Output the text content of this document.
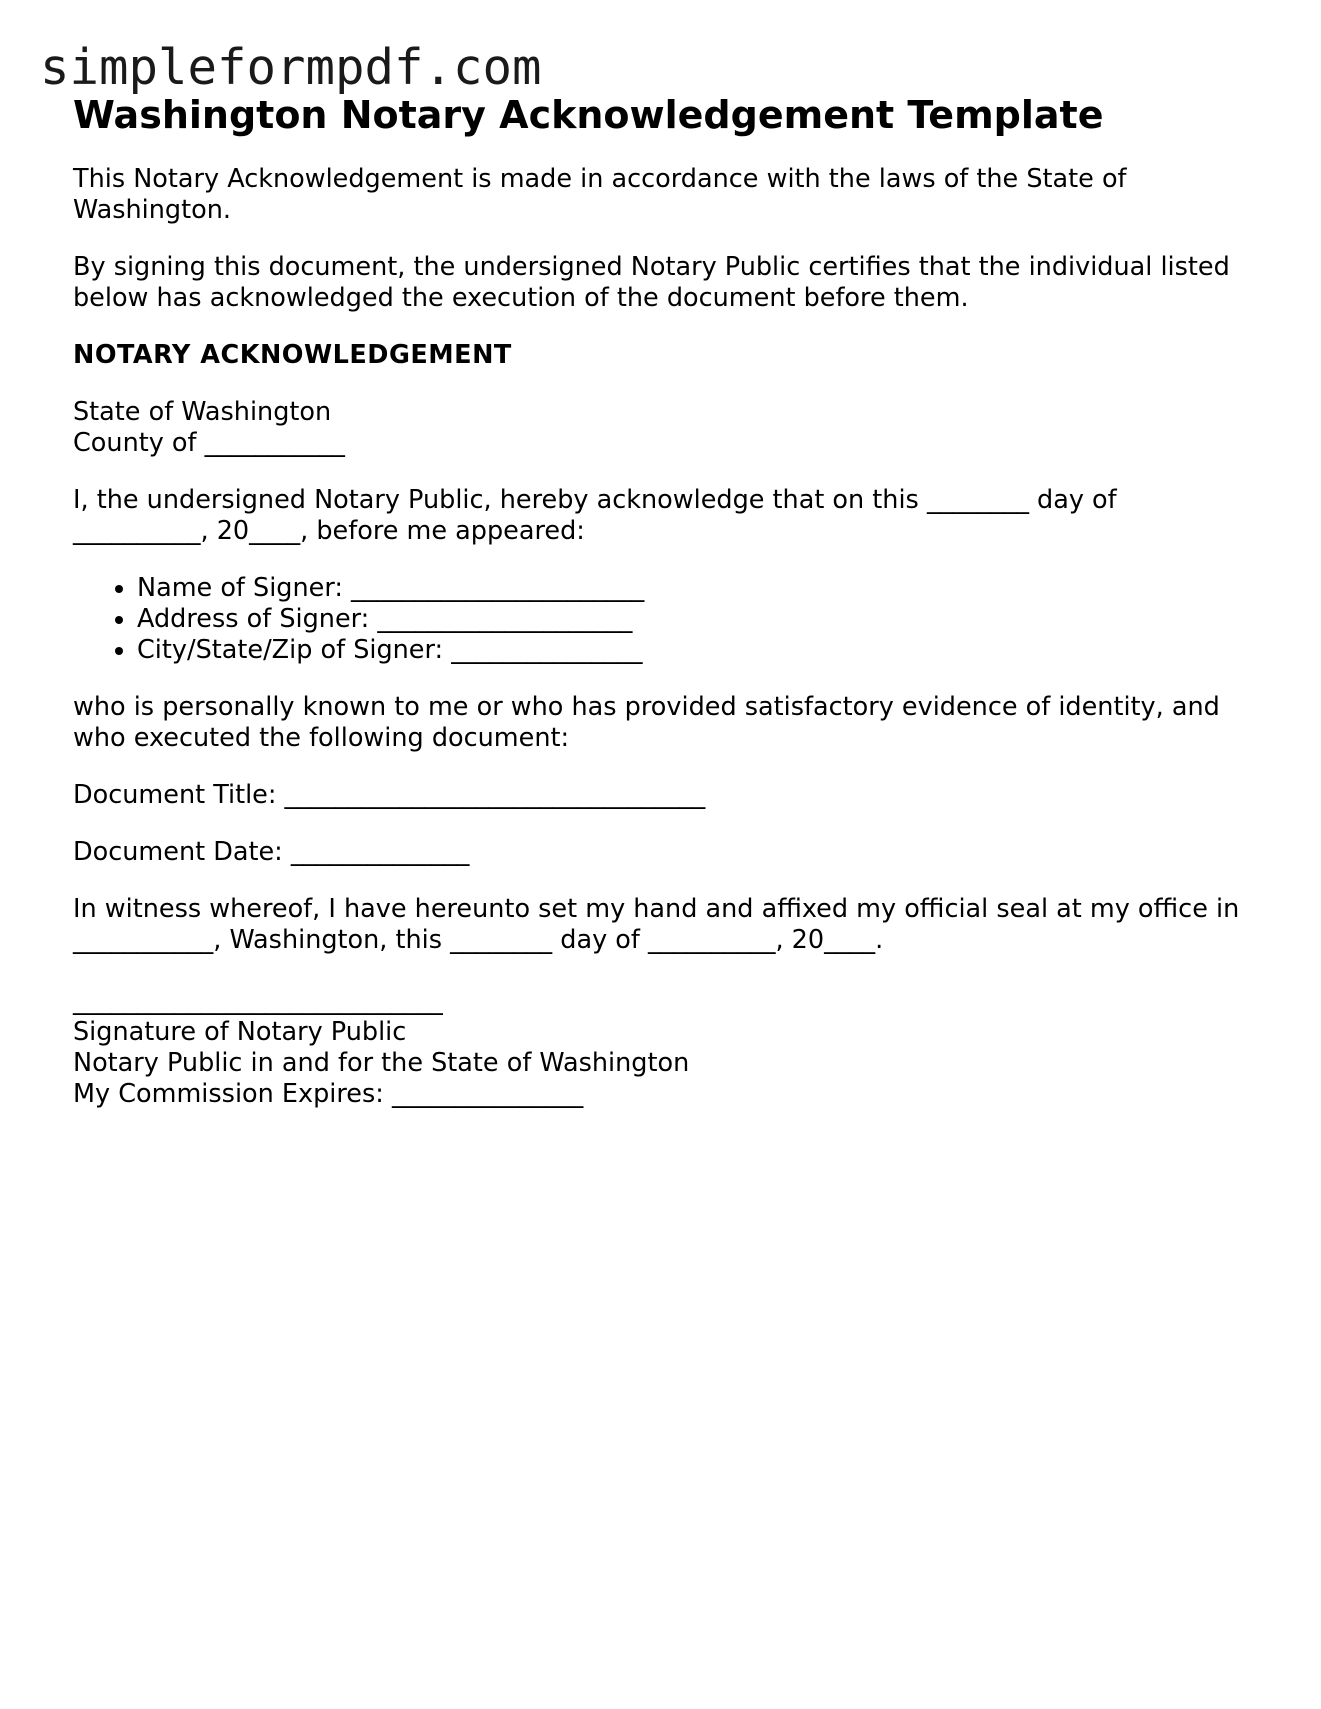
simpleformpdf.com
Washington Notary Acknowledgement Template

This Notary Acknowledgement is made in accordance with the laws of the State of Washington.

By signing this document, the undersigned Notary Public certifies that the individual listed below has acknowledged the execution of the document before them.

NOTARY ACKNOWLEDGEMENT

State of Washington
County of ___________

I, the undersigned Notary Public, hereby acknowledge that on this ________ day of __________, 20____, before me appeared:

• Name of Signer: _______________________
• Address of Signer: ____________________
• City/State/Zip of Signer: _______________

who is personally known to me or who has provided satisfactory evidence of identity, and who executed the following document:

Document Title: _________________________________

Document Date: ______________

In witness whereof, I have hereunto set my hand and affixed my official seal at my office in ___________, Washington, this ________ day of __________, 20____.

_____________________________
Signature of Notary Public
Notary Public in and for the State of Washington
My Commission Expires: _______________
